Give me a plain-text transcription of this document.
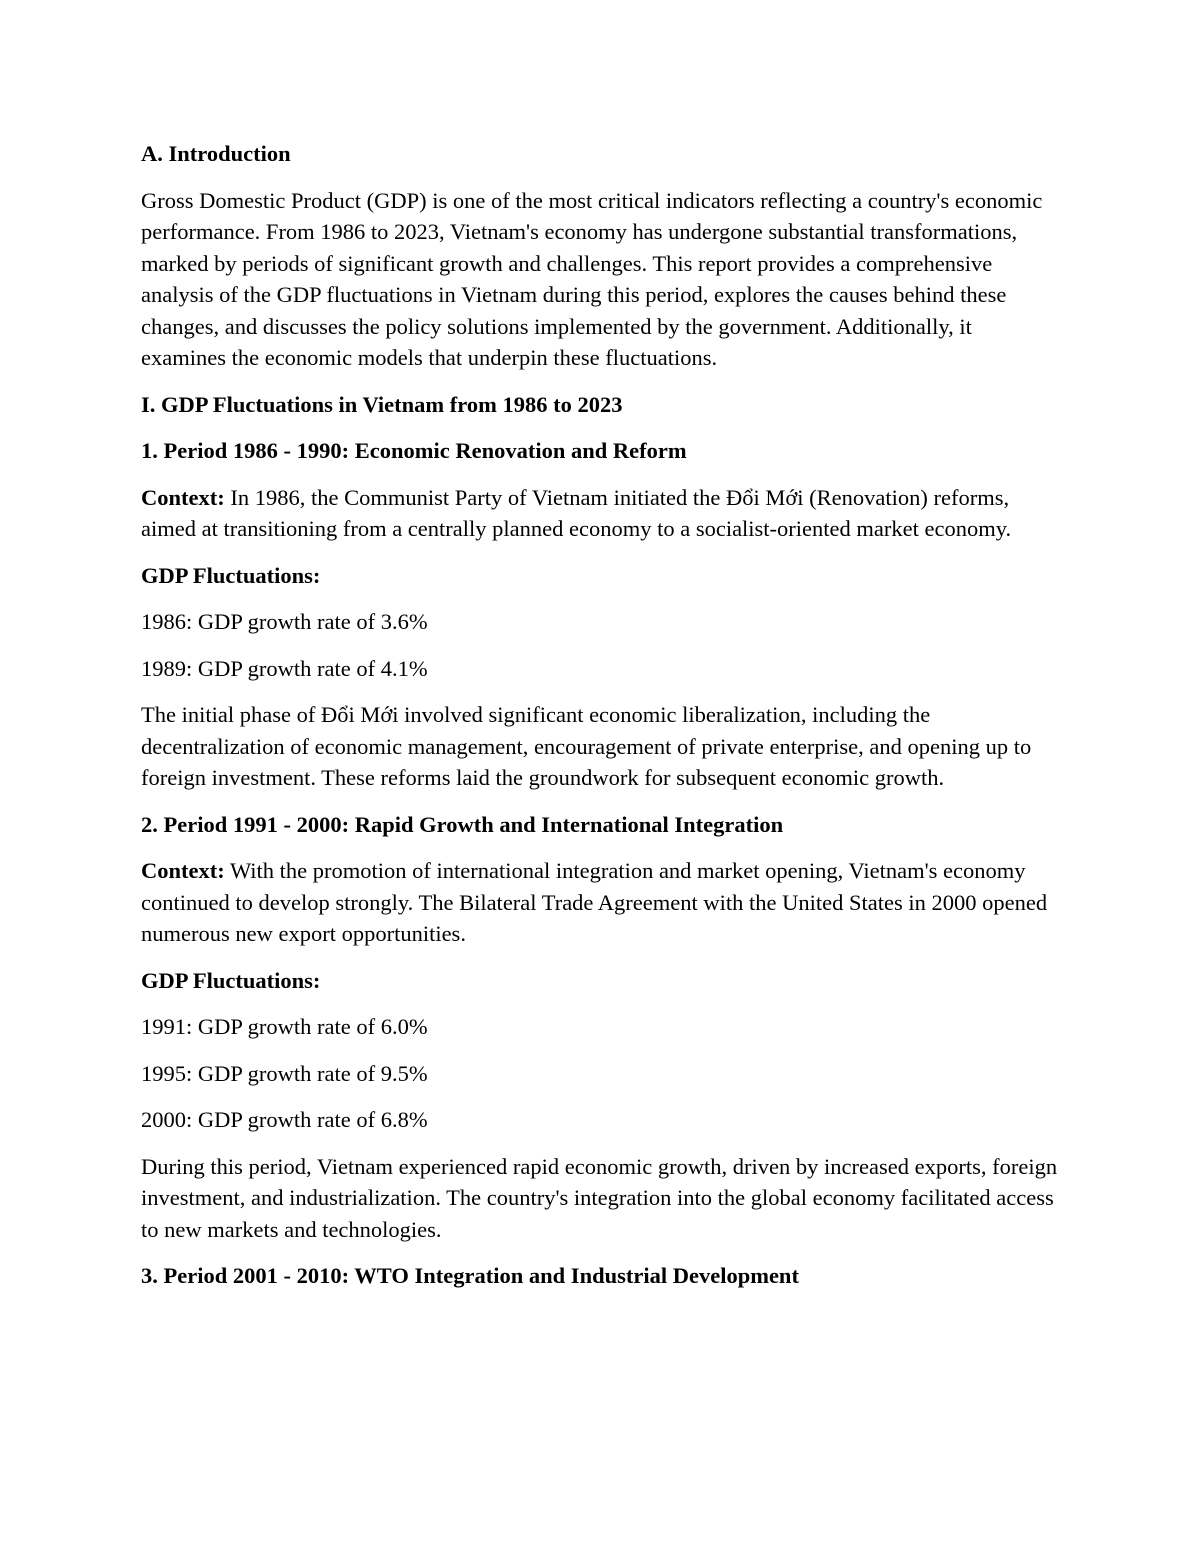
A. Introduction

Gross Domestic Product (GDP) is one of the most critical indicators reflecting a country's economic performance. From 1986 to 2023, Vietnam's economy has undergone substantial transformations, marked by periods of significant growth and challenges. This report provides a comprehensive analysis of the GDP fluctuations in Vietnam during this period, explores the causes behind these changes, and discusses the policy solutions implemented by the government. Additionally, it examines the economic models that underpin these fluctuations.

I. GDP Fluctuations in Vietnam from 1986 to 2023

1. Period 1986 - 1990: Economic Renovation and Reform

Context: In 1986, the Communist Party of Vietnam initiated the Đổi Mới (Renovation) reforms, aimed at transitioning from a centrally planned economy to a socialist-oriented market economy.

GDP Fluctuations:

1986: GDP growth rate of 3.6%

1989: GDP growth rate of 4.1%

The initial phase of Đổi Mới involved significant economic liberalization, including the decentralization of economic management, encouragement of private enterprise, and opening up to foreign investment. These reforms laid the groundwork for subsequent economic growth.

2. Period 1991 - 2000: Rapid Growth and International Integration

Context: With the promotion of international integration and market opening, Vietnam's economy continued to develop strongly. The Bilateral Trade Agreement with the United States in 2000 opened numerous new export opportunities.

GDP Fluctuations:

1991: GDP growth rate of 6.0%

1995: GDP growth rate of 9.5%

2000: GDP growth rate of 6.8%

During this period, Vietnam experienced rapid economic growth, driven by increased exports, foreign investment, and industrialization. The country's integration into the global economy facilitated access to new markets and technologies.

3. Period 2001 - 2010: WTO Integration and Industrial Development
